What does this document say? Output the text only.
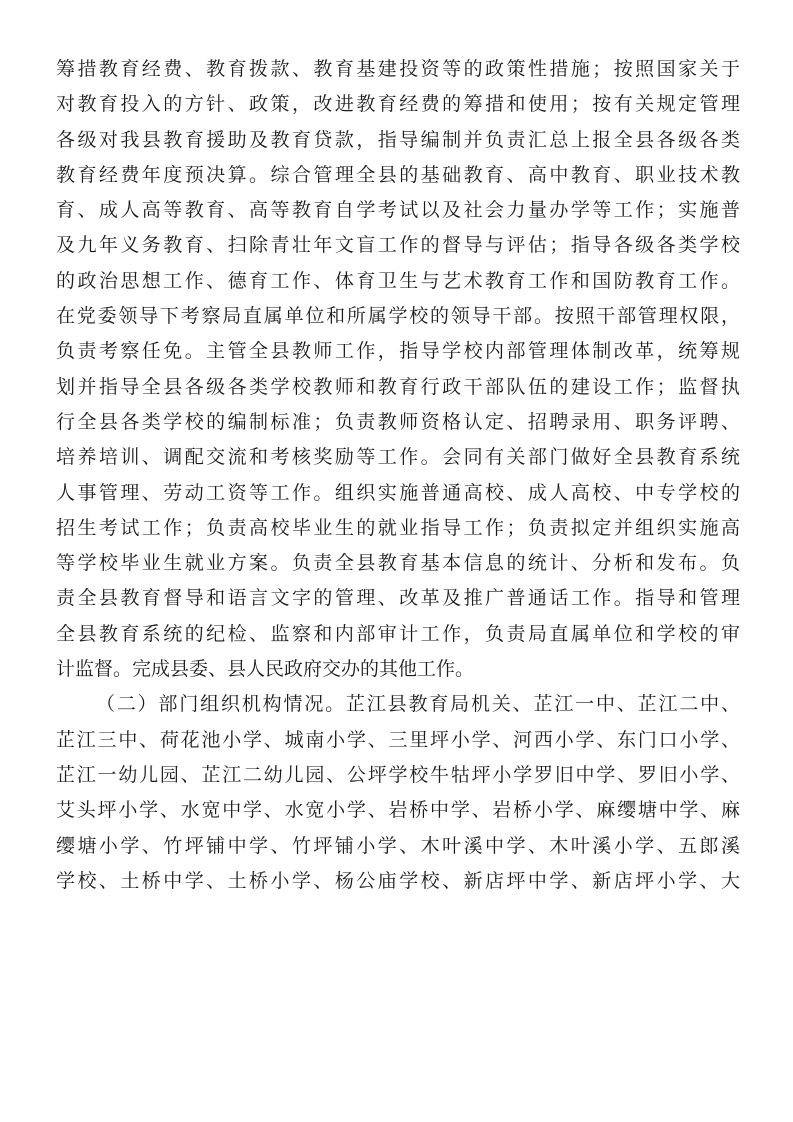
筹措教育经费、教育拨款、教育基建投资等的政策性措施；按照国家关于
对教育投入的方针、政策，改进教育经费的筹措和使用；按有关规定管理
各级对我县教育援助及教育贷款，指导编制并负责汇总上报全县各级各类
教育经费年度预决算。综合管理全县的基础教育、高中教育、职业技术教
育、成人高等教育、高等教育自学考试以及社会力量办学等工作；实施普
及九年义务教育、扫除青壮年文盲工作的督导与评估；指导各级各类学校
的政治思想工作、德育工作、体育卫生与艺术教育工作和国防教育工作。
在党委领导下考察局直属单位和所属学校的领导干部。按照干部管理权限，
负责考察任免。主管全县教师工作，指导学校内部管理体制改革，统筹规
划并指导全县各级各类学校教师和教育行政干部队伍的建设工作；监督执
行全县各类学校的编制标准；负责教师资格认定、招聘录用、职务评聘、
培养培训、调配交流和考核奖励等工作。会同有关部门做好全县教育系统
人事管理、劳动工资等工作。组织实施普通高校、成人高校、中专学校的
招生考试工作；负责高校毕业生的就业指导工作；负责拟定并组织实施高
等学校毕业生就业方案。负责全县教育基本信息的统计、分析和发布。负
责全县教育督导和语言文字的管理、改革及推广普通话工作。指导和管理
全县教育系统的纪检、监察和内部审计工作，负责局直属单位和学校的审
计监督。完成县委、县人民政府交办的其他工作。
（二）部门组织机构情况。芷江县教育局机关、芷江一中、芷江二中、
芷江三中、荷花池小学、城南小学、三里坪小学、河西小学、东门口小学、
芷江一幼儿园、芷江二幼儿园、公坪学校牛牯坪小学罗旧中学、罗旧小学、
艾头坪小学、水宽中学、水宽小学、岩桥中学、岩桥小学、麻缨塘中学、麻
缨塘小学、竹坪铺中学、竹坪铺小学、木叶溪中学、木叶溪小学、五郎溪
学校、土桥中学、土桥小学、杨公庙学校、新店坪中学、新店坪小学、大
